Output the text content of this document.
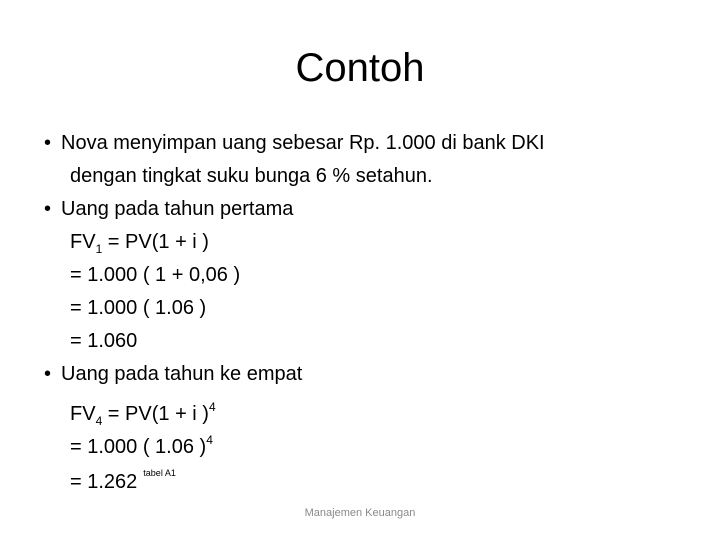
Contoh
• Nova menyimpan uang sebesar Rp. 1.000 di bank DKI
dengan tingkat suku bunga 6 % setahun.
• Uang pada tahun pertama
$FV_1 = PV(1 + i$ )
= 1.000 ( 1 + 0,06 )
= 1.000 ( 1.06 )
= 1.060
• Uang pada tahun ke empat
$FV_4 = PV(1 + i$ )$^4$
= 1.000 ( 1.06 )$^4$
= 1.262 $^{tabel A1}$
Manajemen Keuangan
